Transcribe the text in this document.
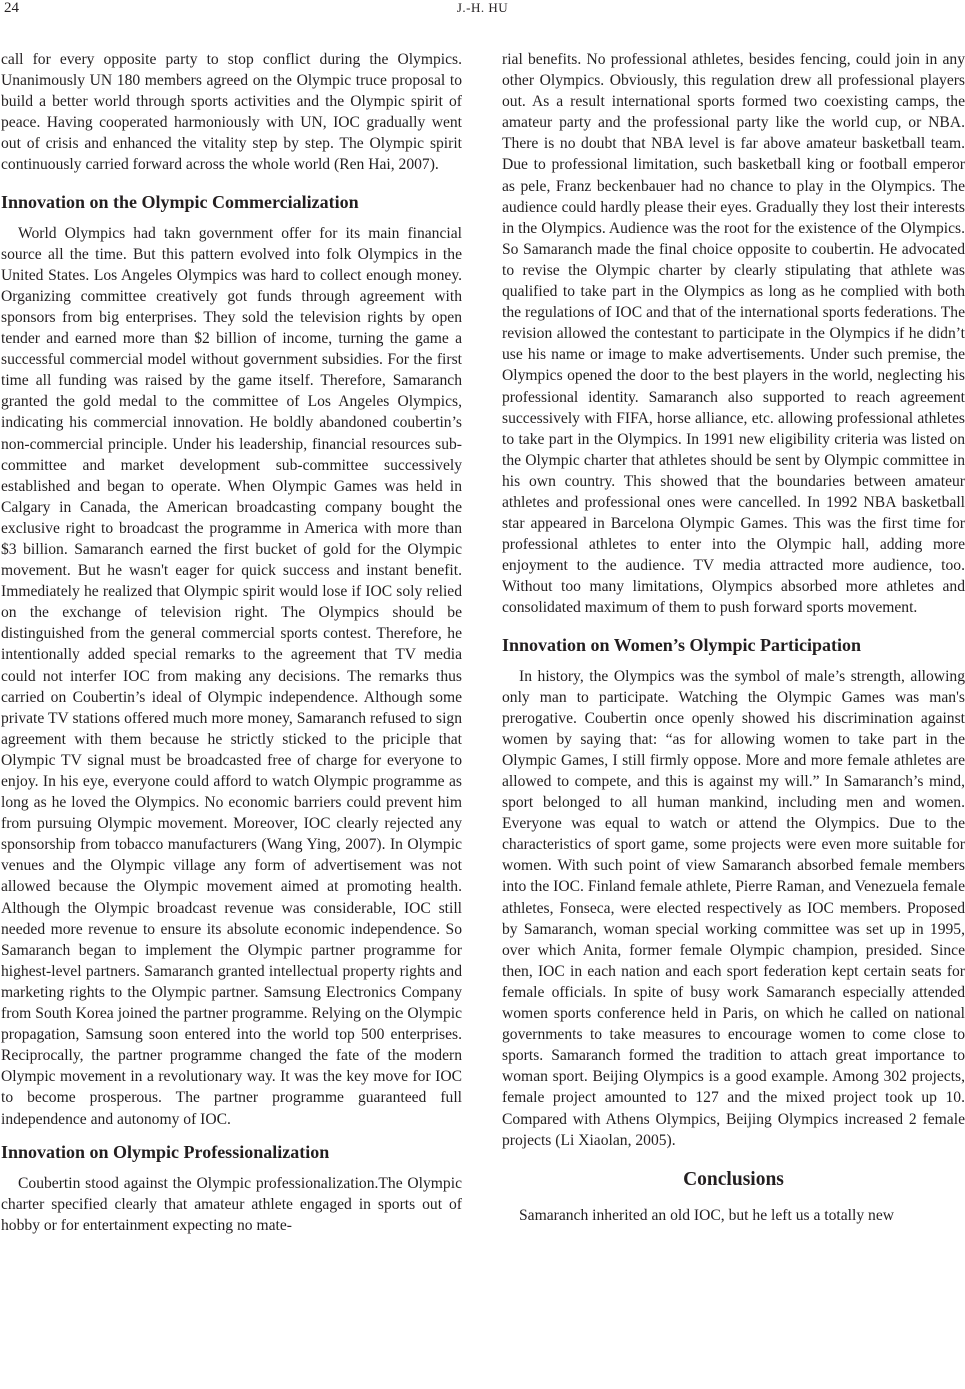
24	J.-H. HU

call for every opposite party to stop conflict during the Olympics. Unanimously UN 180 members agreed on the Olympic truce proposal to build a better world through sports activities and the Olympic spirit of peace. Having cooperated harmoniously with UN, IOC gradually went out of crisis and enhanced the vitality step by step. The Olympic spirit continuously carried forward across the whole world (Ren Hai, 2007).

Innovation on the Olympic Commercialization

World Olympics had takn government offer for its main financial source all the time. But this pattern evolved into folk Olympics in the United States. Los Angeles Olympics was hard to collect enough money. Organizing committee creatively got funds through agreement with sponsors from big enterprises. They sold the television rights by open tender and earned more than $2 billion of income, turning the game a successful commercial model without government subsidies. For the first time all funding was raised by the game itself. Therefore, Samaranch granted the gold medal to the committee of Los Angeles Olympics, indicating his commercial innovation. He boldly abandoned coubertin’s non-commercial principle. Under his leadership, financial resources sub-committee and market development sub-committee successively established and began to operate. When Olympic Games was held in Calgary in Canada, the American broadcasting company bought the exclusive right to broadcast the programme in America with more than $3 billion. Samaranch earned the first bucket of gold for the Olympic movement. But he wasn't eager for quick success and instant benefit. Immediately he realized that Olympic spirit would lose if IOC soly relied on the exchange of television right. The Olympics should be distinguished from the general commercial sports contest. Therefore, he intentionally added special remarks to the agreement that TV media could not interfer IOC from making any decisions. The remarks thus carried on Coubertin’s ideal of Olympic independence. Although some private TV stations offered much more money, Samaranch refused to sign agreement with them because he strictly sticked to the priciple that Olympic TV signal must be broadcasted free of charge for everyone to enjoy. In his eye, everyone could afford to watch Olympic programme as long as he loved the Olympics. No economic barriers could prevent him from pursuing Olympic movement. Moreover, IOC clearly rejected any sponsorship from tobacco manufacturers (Wang Ying, 2007). In Olympic venues and the Olympic village any form of advertisement was not allowed because the Olympic movement aimed at promoting health. Although the Olympic broadcast revenue was considerable, IOC still needed more revenue to ensure its absolute economic independence. So Samaranch began to implement the Olympic partner programme for highest-level partners. Samaranch granted intellectual property rights and marketing rights to the Olympic partner. Samsung Electronics Company from South Korea joined the partner programme. Relying on the Olympic propagation, Samsung soon entered into the world top 500 enterprises. Reciprocally, the partner programme changed the fate of the modern Olympic movement in a revolutionary way. It was the key move for IOC to become prosperous. The partner programme guaranteed full independence and autonomy of IOC.

Innovation on Olympic Professionalization

Coubertin stood against the Olympic professionalization.The Olympic charter specified clearly that amateur athlete engaged in sports out of hobby or for entertainment expecting no mate-

rial benefits. No professional athletes, besides fencing, could join in any other Olympics. Obviously, this regulation drew all professional players out. As a result international sports formed two coexisting camps, the amateur party and the professional party like the world cup, or NBA. There is no doubt that NBA level is far above amateur basketball team. Due to professional limitation, such basketball king or football emperor as pele, Franz beckenbauer had no chance to play in the Olympics. The audience could hardly please their eyes. Gradually they lost their interests in the Olympics. Audience was the root for the existence of the Olympics. So Samaranch made the final choice opposite to coubertin. He advocated to revise the Olympic charter by clearly stipulating that athlete was qualified to take part in the Olympics as long as he complied with both the regulations of IOC and that of the international sports federations. The revision allowed the contestant to participate in the Olympics if he didn’t use his name or image to make advertisements. Under such premise, the Olympics opened the door to the best players in the world, neglecting his professional identity. Samaranch also supported to reach agreement successively with FIFA, horse alliance, etc. allowing professional athletes to take part in the Olympics. In 1991 new eligibility criteria was listed on the Olympic charter that athletes should be sent by Olympic committee in his own country. This showed that the boundaries between amateur athletes and professional ones were cancelled. In 1992 NBA basketball star appeared in Barcelona Olympic Games. This was the first time for professional athletes to enter into the Olympic hall, adding more enjoyment to the audience. TV media attracted more audience, too. Without too many limitations, Olympics absorbed more athletes and consolidated maximum of them to push forward sports movement.

Innovation on Women’s Olympic Participation

In history, the Olympics was the symbol of male’s strength, allowing only man to participate. Watching the Olympic Games was man's prerogative. Coubertin once openly showed his discrimination against women by saying that: “as for allowing women to take part in the Olympic Games, I still firmly oppose. More and more female athletes are allowed to compete, and this is against my will.” In Samaranch’s mind, sport belonged to all human mankind, including men and women. Everyone was equal to watch or attend the Olympics. Due to the characteristics of sport game, some projects were even more suitable for women. With such point of view Samaranch absorbed female members into the IOC. Finland female athlete, Pierre Raman, and Venezuela female athletes, Fonseca, were elected respectively as IOC members. Proposed by Samaranch, woman special working committee was set up in 1995, over which Anita, former female Olympic champion, presided. Since then, IOC in each nation and each sport federation kept certain seats for female officials. In spite of busy work Samaranch especially attended women sports conference held in Paris, on which he called on national governments to take measures to encourage women to come close to sports. Samaranch formed the tradition to attach great importance to woman sport. Beijing Olympics is a good example. Among 302 projects, female project amounted to 127 and the mixed project took up 10. Compared with Athens Olympics, Beijing Olympics increased 2 female projects (Li Xiaolan, 2005).

Conclusions

Samaranch inherited an old IOC, but he left us a totally new
